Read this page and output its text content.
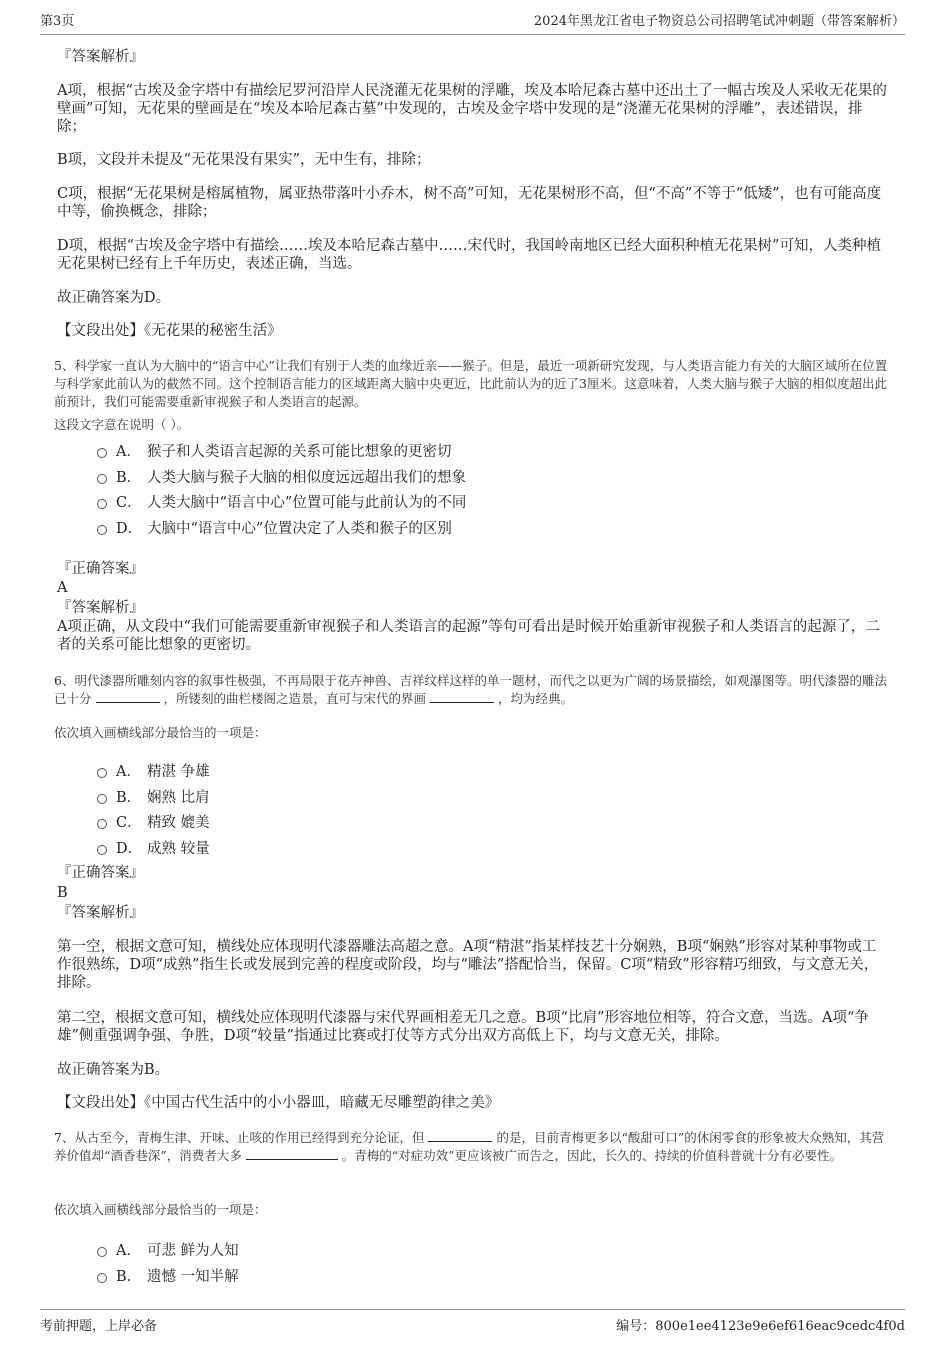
第3页	2024年黑龙江省电子物资总公司招聘笔试冲刺题（带答案解析）
『答案解析』
A项，根据“古埃及金字塔中有描绘尼罗河沿岸人民浇灌无花果树的浮雕，埃及本哈尼森古墓中还出土了一幅古埃及人采收无花果的壁画”可知，无花果的壁画是在“埃及本哈尼森古墓”中发现的，古埃及金字塔中发现的是“浇灌无花果树的浮雕”，表述错误，排除；
B项，文段并未提及“无花果没有果实”，无中生有，排除；
C项，根据“无花果树是榕属植物，属亚热带落叶小乔木，树不高”可知，无花果树形不高，但“不高”不等于“低矮”，也有可能高度中等，偷换概念，排除；
D项，根据“古埃及金字塔中有描绘……埃及本哈尼森古墓中……宋代时，我国岭南地区已经大面积种植无花果树”可知，人类种植无花果树已经有上千年历史，表述正确，当选。
故正确答案为D。
【文段出处】《无花果的秘密生活》
5、科学家一直认为大脑中的“语言中心”让我们有别于人类的血缘近亲——猴子。但是，最近一项新研究发现，与人类语言能力有关的大脑区域所在位置与科学家此前认为的截然不同。这个控制语言能力的区域距离大脑中央更近，比此前认为的近了3厘米。这意味着，人类大脑与猴子大脑的相似度超出此前预计，我们可能需要重新审视猴子和人类语言的起源。
这段文字意在说明（ ）。
A． 猴子和人类语言起源的关系可能比想象的更密切
B． 人类大脑与猴子大脑的相似度远远超出我们的想象
C． 人类大脑中“语言中心”位置可能与此前认为的不同
D． 大脑中“语言中心”位置决定了人类和猴子的区别
『正确答案』
A
『答案解析』
A项正确，从文段中“我们可能需要重新审视猴子和人类语言的起源”等句可看出是时候开始重新审视猴子和人类语言的起源了，二者的关系可能比想象的更密切。
6、明代漆器所雕刻内容的叙事性极强，不再局限于花卉神兽、吉祥纹样这样的单一题材，而代之以更为广阔的场景描绘，如观瀑图等。明代漆器的雕法已十分	，所镂刻的曲栏楼阁之造景，直可与宋代的界画	，均为经典。
依次填入画横线部分最恰当的一项是：
A． 精湛 争雄
B． 娴熟 比肩
C． 精致 媲美
D． 成熟 较量
『正确答案』
B
『答案解析』
第一空，根据文意可知，横线处应体现明代漆器雕法高超之意。A项“精湛”指某样技艺十分娴熟，B项“娴熟”形容对某种事物或工作很熟练，D项“成熟”指生长或发展到完善的程度或阶段，均与“雕法”搭配恰当，保留。C项“精致”形容精巧细致，与文意无关，排除。
第二空，根据文意可知，横线处应体现明代漆器与宋代界画相差无几之意。B项“比肩”形容地位相等，符合文意，当选。A项“争雄”侧重强调争强、争胜，D项“较量”指通过比赛或打仗等方式分出双方高低上下，均与文意无关，排除。
故正确答案为B。
【文段出处】《中国古代生活中的小小器皿，暗藏无尽雕塑韵律之美》
7、从古至今，青梅生津、开味、止咳的作用已经得到充分论证，但	的是，目前青梅更多以“酸甜可口”的休闲零食的形象被大众熟知，其营养价值却“酒香巷深”，消费者大多	。青梅的“对症功效”更应该被广而告之，因此，长久的、持续的价值科普就十分有必要性。
依次填入画横线部分最恰当的一项是：
A． 可悲 鲜为人知
B． 遗憾 一知半解
考前押题，上岸必备	编号：800e1ee4123e9e6ef616eac9cedc4f0d
